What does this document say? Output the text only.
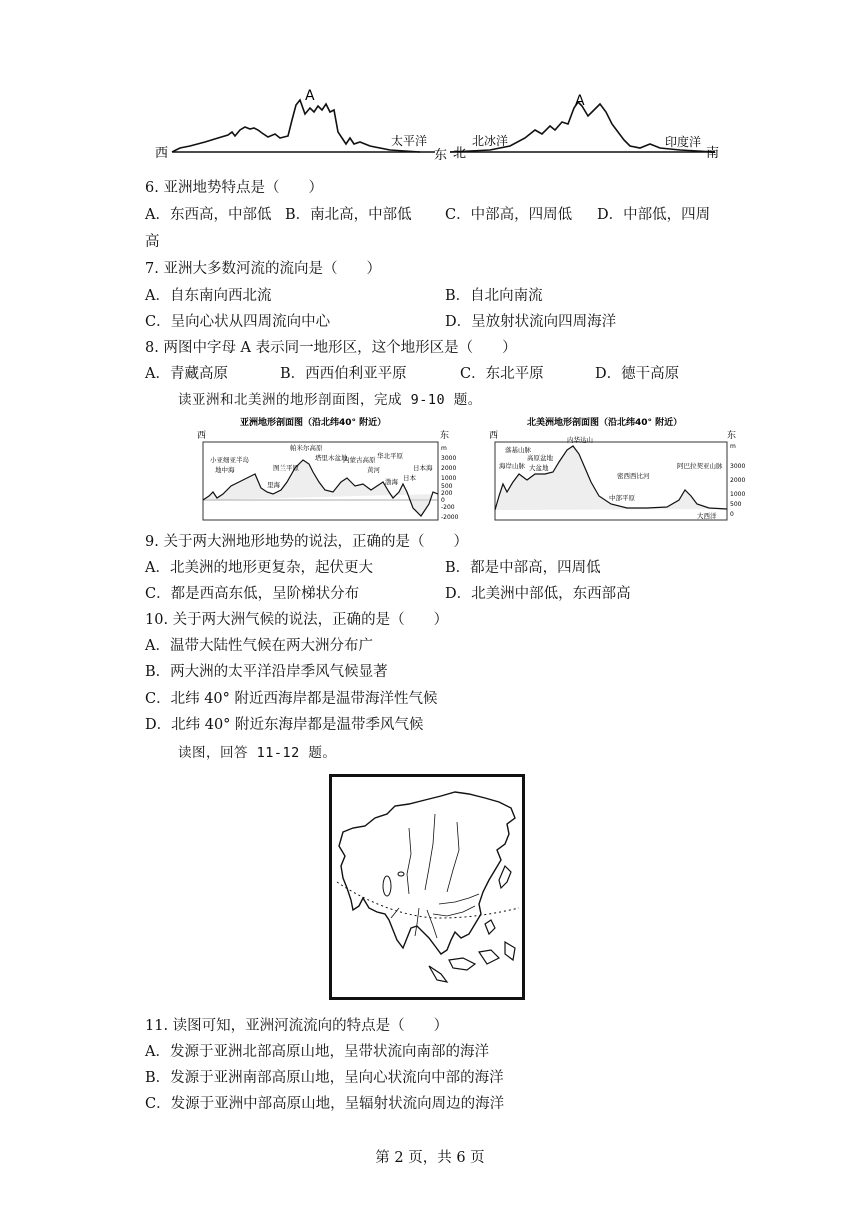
A
西
太平洋
东
A
北
北冰洋	印度洋
南
6. 亚洲地势特点是（　　）
A．东西高，中部低 B．南北高，中部低 C．中部高，四周低 D．中部低，四周
高
7. 亚洲大多数河流的流向是（　　）
A．自东南向西北流	B．自北向南流
C．呈向心状从四周流向中心	D．呈放射状流向四周海洋
8. 两图中字母 A 表示同一地形区，这个地形区是（　　）
A．青藏高原	B．西西伯利亚平原	C．东北平原	D．德干高原
读亚洲和北美洲的地形剖面图，完成 9-10 题。
亚洲地形剖面图（沿北纬40° 附近）
西	东
小亚细亚半岛
地中海
帕米尔高原
图兰平原
里海
塔里木盆地
内蒙古高原
黄河
华北平原
渤海
日本海
日本
m
3000
2000
1000
500
200
0
-200
-2000
北美洲地形剖面图（沿北纬40° 附近）
西	东
落基山脉
海岸山脉
内华达山
大盆地
高原盆地
密西西比河
中部平原
阿巴拉契亚山脉
大西洋
m
3000
2000
1000
500
0
9. 关于两大洲地形地势的说法，正确的是（　　）
A．北美洲的地形更复杂，起伏更大	B．都是中部高，四周低
C．都是西高东低，呈阶梯状分布	D．北美洲中部低，东西部高
10. 关于两大洲气候的说法，正确的是（　　）
A．温带大陆性气候在两大洲分布广
B．两大洲的太平洋沿岸季风气候显著
C．北纬 40° 附近西海岸都是温带海洋性气候
D．北纬 40° 附近东海岸都是温带季风气候
读图，回答 11-12 题。
11. 读图可知，亚洲河流流向的特点是（　　）
A．发源于亚洲北部高原山地，呈带状流向南部的海洋
B．发源于亚洲南部高原山地，呈向心状流向中部的海洋
C．发源于亚洲中部高原山地，呈辐射状流向周边的海洋
第 2 页，共 6 页
